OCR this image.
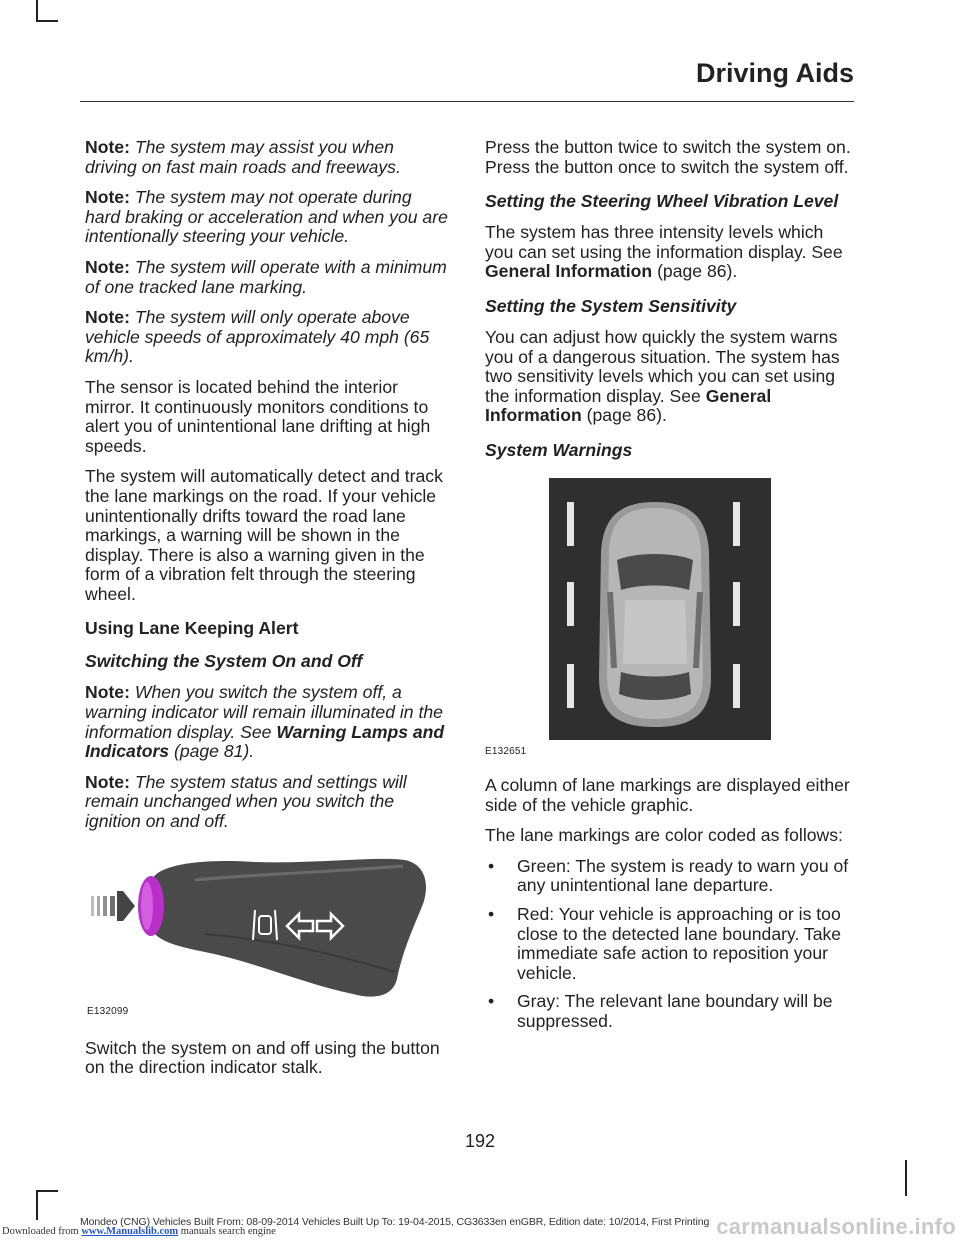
Driving Aids

Note: The system may assist you when driving on fast main roads and freeways.

Note: The system may not operate during hard braking or acceleration and when you are intentionally steering your vehicle.

Note: The system will operate with a minimum of one tracked lane marking.

Note: The system will only operate above vehicle speeds of approximately 40 mph (65 km/h).

The sensor is located behind the interior mirror. It continuously monitors conditions to alert you of unintentional lane drifting at high speeds.

The system will automatically detect and track the lane markings on the road. If your vehicle unintentionally drifts toward the road lane markings, a warning will be shown in the display. There is also a warning given in the form of a vibration felt through the steering wheel.

Using Lane Keeping Alert
Switching the System On and Off

Note: When you switch the system off, a warning indicator will remain illuminated in the information display. See Warning Lamps and Indicators (page 81).

Note: The system status and settings will remain unchanged when you switch the ignition on and off.

E132099

Switch the system on and off using the button on the direction indicator stalk.

Press the button twice to switch the system on. Press the button once to switch the system off.

Setting the Steering Wheel Vibration Level

The system has three intensity levels which you can set using the information display. See General Information (page 86).

Setting the System Sensitivity

You can adjust how quickly the system warns you of a dangerous situation. The system has two sensitivity levels which you can set using the information display. See General Information (page 86).

System Warnings
E132651

A column of lane markings are displayed either side of the vehicle graphic.

The lane markings are color coded as follows:

• Green: The system is ready to warn you of any unintentional lane departure.
• Red: Your vehicle is approaching or is too close to the detected lane boundary. Take immediate safe action to reposition your vehicle.
• Gray: The relevant lane boundary will be suppressed.
192
Mondeo (CNG) Vehicles Built From: 08-09-2014 Vehicles Built Up To: 19-04-2015, CG3633en enGBR, Edition date: 10/2014, First Printing
Downloaded from www.Manualslib.com manuals search engine	carmanualsonline.info
